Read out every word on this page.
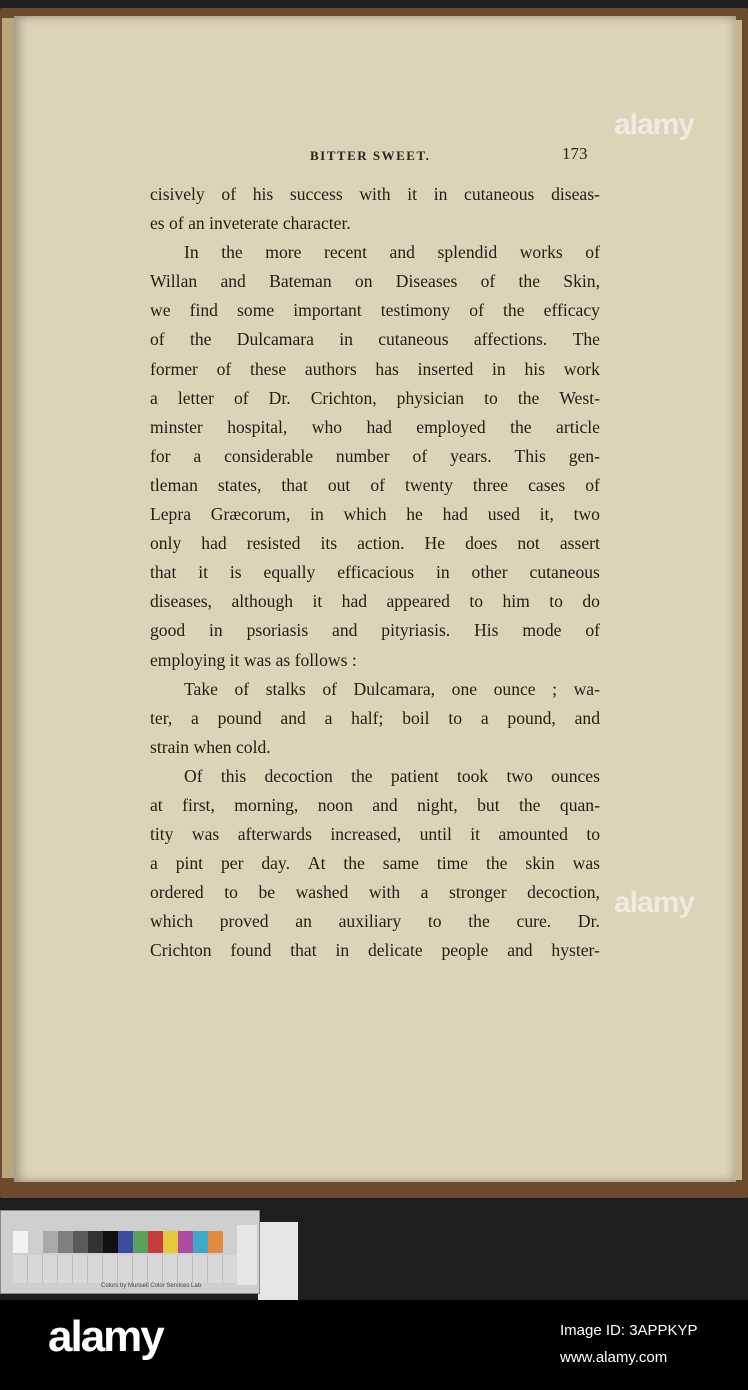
BITTER SWEET.	173
cisively of his success with it in cutaneous diseas-
es of an inveterate character.
In the more recent and splendid works of
Willan and Bateman on Diseases of the Skin,
we find some important testimony of the efficacy
of the Dulcamara in cutaneous affections. The
former of these authors has inserted in his work
a letter of Dr. Crichton, physician to the West-
minster hospital, who had employed the article
for a considerable number of years. This gen-
tleman states, that out of twenty three cases of
Lepra Græcorum, in which he had used it, two
only had resisted its action. He does not assert
that it is equally efficacious in other cutaneous
diseases, although it had appeared to him to do
good in psoriasis and pityriasis. His mode of
employing it was as follows :
Take of stalks of Dulcamara, one ounce ; wa-
ter, a pound and a half; boil to a pound, and
strain when cold.
Of this decoction the patient took two ounces
at first, morning, noon and night, but the quan-
tity was afterwards increased, until it amounted to
a pint per day. At the same time the skin was
ordered to be washed with a stronger decoction,
which proved an auxiliary to the cure. Dr.
Crichton found that in delicate people and hyster-
alamy
alamy
Colors by Munsell Color Services Lab
alamy	Image ID: 3APPKYP
www.alamy.com
